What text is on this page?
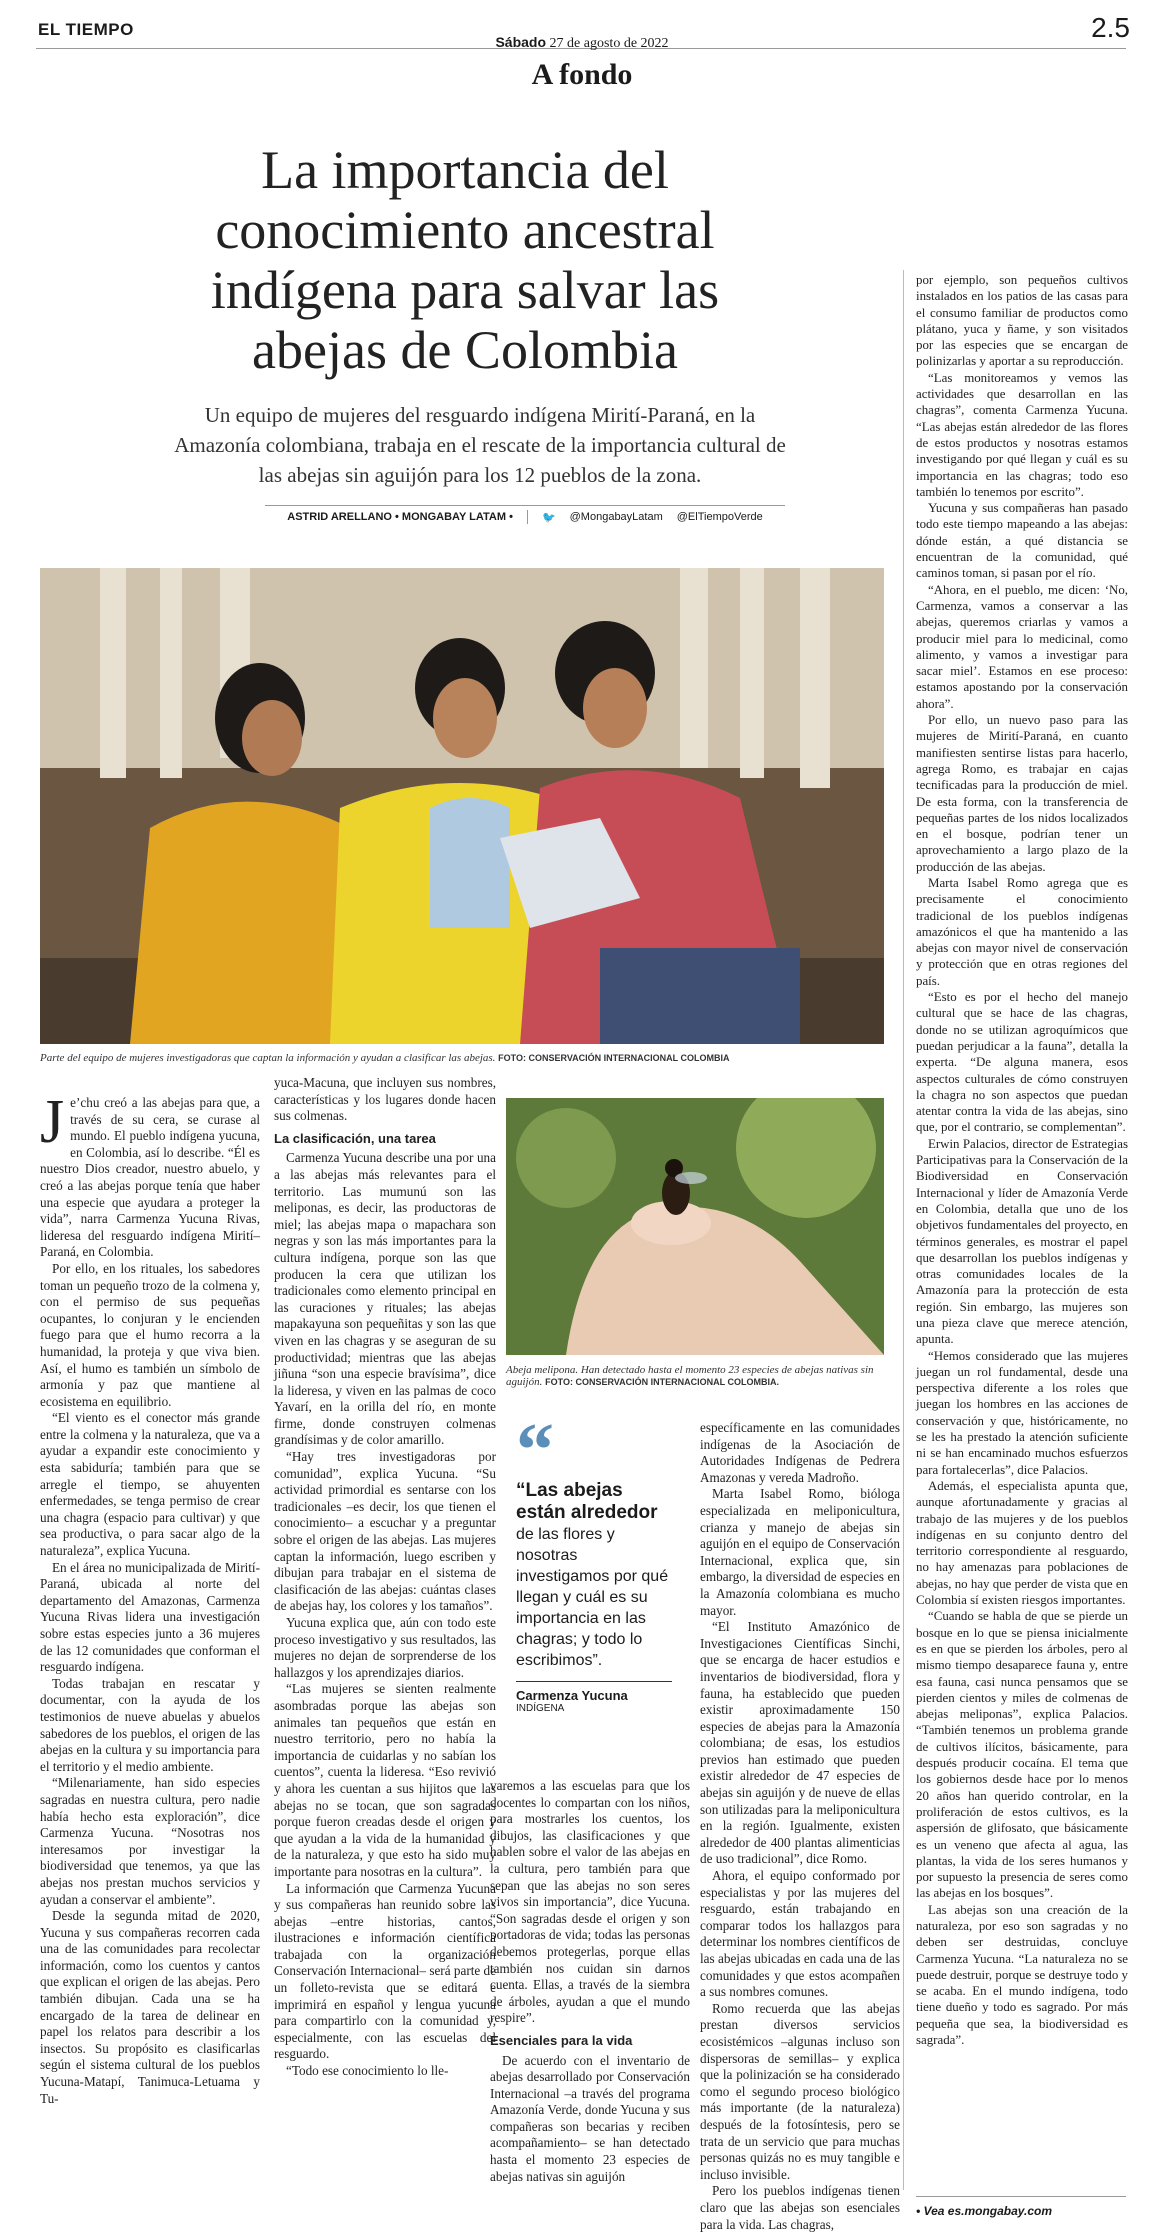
EL TIEMPO
Sábado 27 de agosto de 2022
2.5
A fondo
La importancia del conocimiento ancestral indígena para salvar las abejas de Colombia
Un equipo de mujeres del resguardo indígena Mirití-Paraná, en la Amazonía colombiana, trabaja en el rescate de la importancia cultural de las abejas sin aguijón para los 12 pueblos de la zona.
ASTRID ARELLANO • MONGABAY LATAM •	🐦 @MongabayLatam @ElTiempoVerde
Parte del equipo de mujeres investigadoras que captan la información y ayudan a clasificar las abejas. FOTO: CONSERVACIÓN INTERNACIONAL COLOMBIA

Je’chu creó a las abejas para que, a través de su cera, se curase al mundo. El pueblo indígena yucuna, en Colombia, así lo describe. “Él es nuestro Dios creador, nuestro abuelo, y creó a las abejas porque tenía que haber una especie que ayudara a proteger la vida”, narra Carmenza Yucuna Rivas, lideresa del resguardo indígena Mirití–Paraná, en Colombia.

Por ello, en los rituales, los sabedores toman un pequeño trozo de la colmena y, con el permiso de sus pequeñas ocupantes, lo conjuran y le encienden fuego para que el humo recorra a la humanidad, la proteja y que viva bien. Así, el humo es también un símbolo de armonía y paz que mantiene al ecosistema en equilibrio.

“El viento es el conector más grande entre la colmena y la naturaleza, que va a ayudar a expandir este conocimiento y esta sabiduría; también para que se arregle el tiempo, se ahuyenten enfermedades, se tenga permiso de crear una chagra (espacio para cultivar) y que sea productiva, o para sacar algo de la naturaleza”, explica Yucuna.

En el área no municipalizada de Mirití-Paraná, ubicada al norte del departamento del Amazonas, Carmenza Yucuna Rivas lidera una investigación sobre estas especies junto a 36 mujeres de las 12 comunidades que conforman el resguardo indígena.

Todas trabajan en rescatar y documentar, con la ayuda de los testimonios de nueve abuelas y abuelos sabedores de los pueblos, el origen de las abejas en la cultura y su importancia para el territorio y el medio ambiente.

“Milenariamente, han sido especies sagradas en nuestra cultura, pero nadie había hecho esta exploración”, dice Carmenza Yucuna. “Nosotras nos interesamos por investigar la biodiversidad que tenemos, ya que las abejas nos prestan muchos servicios y ayudan a conservar el ambiente”.

Desde la segunda mitad de 2020, Yucuna y sus compañeras recorren cada una de las comunidades para recolectar información, como los cuentos y cantos que explican el origen de las abejas. Pero también dibujan. Cada una se ha encargado de la tarea de delinear en papel los relatos para describir a los insectos. Su propósito es clasificarlas según el sistema cultural de los pueblos Yucuna-Matapí, Tanimuca-Letuama y Tu-

yuca-Macuna, que incluyen sus nombres, características y los lugares donde hacen sus colmenas.

La clasificación, una tarea

Carmenza Yucuna describe una por una a las abejas más relevantes para el territorio. Las mumunú son las meliponas, es decir, las productoras de miel; las abejas mapa o mapachara son negras y son las más importantes para la cultura indígena, porque son las que producen la cera que utilizan los tradicionales como elemento principal en las curaciones y rituales; las abejas mapakayuna son pequeñitas y son las que viven en las chagras y se aseguran de su productividad; mientras que las abejas jiñuna “son una especie bravísima”, dice la lideresa, y viven en las palmas de coco Yavarí, en la orilla del río, en monte firme, donde construyen colmenas grandísimas y de color amarillo.

“Hay tres investigadoras por comunidad”, explica Yucuna. “Su actividad primordial es sentarse con los tradicionales –es decir, los que tienen el conocimiento– a escuchar y a preguntar sobre el origen de las abejas. Las mujeres captan la información, luego escriben y dibujan para trabajar en el sistema de clasificación de las abejas: cuántas clases de abejas hay, los colores y los tamaños”.

Yucuna explica que, aún con todo este proceso investigativo y sus resultados, las mujeres no dejan de sorprenderse de los hallazgos y los aprendizajes diarios.

“Las mujeres se sienten realmente asombradas porque las abejas son animales tan pequeños que están en nuestro territorio, pero no había la importancia de cuidarlas y no sabían los cuentos”, cuenta la lideresa. “Eso revivió y ahora les cuentan a sus hijitos que las abejas no se tocan, que son sagradas porque fueron creadas desde el origen y que ayudan a la vida de la humanidad y de la naturaleza, y que esto ha sido muy importante para nosotras en la cultura”.

La información que Carmenza Yucuna y sus compañeras han reunido sobre las abejas –entre historias, cantos, ilustraciones e información científica trabajada con la organización Conservación Internacional– será parte de un folleto-revista que se editará e imprimirá en español y lengua yucuna para compartirlo con la comunidad y, especialmente, con las escuelas del resguardo.

“Todo ese conocimiento lo lle-

Abeja melipona. Han detectado hasta el momento 23 especies de abejas nativas sin aguijón. FOTO: CONSERVACIÓN INTERNACIONAL COLOMBIA.
“
“Las abejas están alrededor
de las flores y nosotras investigamos por qué llegan y cuál es su importancia en las chagras; y todo lo escribimos”.
Carmenza Yucuna
INDÍGENA

varemos a las escuelas para que los docentes lo compartan con los niños, para mostrarles los cuentos, los dibujos, las clasificaciones y que hablen sobre el valor de las abejas en la cultura, pero también para que sepan que las abejas no son seres vivos sin importancia”, dice Yucuna. “Son sagradas desde el origen y son portadoras de vida; todas las personas debemos protegerlas, porque ellas también nos cuidan sin darnos cuenta. Ellas, a través de la siembra de árboles, ayudan a que el mundo respire”.

Esenciales para la vida

De acuerdo con el inventario de abejas desarrollado por Conservación Internacional –a través del programa Amazonía Verde, donde Yucuna y sus compañeras son becarias y reciben acompañamiento– se han detectado hasta el momento 23 especies de abejas nativas sin aguijón

específicamente en las comunidades indígenas de la Asociación de Autoridades Indígenas de Pedrera Amazonas y vereda Madroño.

Marta Isabel Romo, bióloga especializada en meliponicultura, crianza y manejo de abejas sin aguijón en el equipo de Conservación Internacional, explica que, sin embargo, la diversidad de especies en la Amazonía colombiana es mucho mayor.

“El Instituto Amazónico de Investigaciones Científicas Sinchi, que se encarga de hacer estudios e inventarios de biodiversidad, flora y fauna, ha establecido que pueden existir aproximadamente 150 especies de abejas para la Amazonía colombiana; de esas, los estudios previos han estimado que pueden existir alrededor de 47 especies de abejas sin aguijón y de nueve de ellas son utilizadas para la meliponicultura en la región. Igualmente, existen alrededor de 400 plantas alimenticias de uso tradicional”, dice Romo.

Ahora, el equipo conformado por especialistas y por las mujeres del resguardo, están trabajando en comparar todos los hallazgos para determinar los nombres científicos de las abejas ubicadas en cada una de las comunidades y que estos acompañen a sus nombres comunes.

Romo recuerda que las abejas prestan diversos servicios ecosistémicos –algunas incluso son dispersoras de semillas– y explica que la polinización se ha considerado como el segundo proceso biológico más importante (de la naturaleza) después de la fotosíntesis, pero se trata de un servicio que para muchas personas quizás no es muy tangible e incluso invisible.

Pero los pueblos indígenas tienen claro que las abejas son esenciales para la vida. Las chagras,

por ejemplo, son pequeños cultivos instalados en los patios de las casas para el consumo familiar de productos como plátano, yuca y ñame, y son visitados por las especies que se encargan de polinizarlas y aportar a su reproducción.

“Las monitoreamos y vemos las actividades que desarrollan en las chagras”, comenta Carmenza Yucuna. “Las abejas están alrededor de las flores de estos productos y nosotras estamos investigando por qué llegan y cuál es su importancia en las chagras; todo eso también lo tenemos por escrito”.

Yucuna y sus compañeras han pasado todo este tiempo mapeando a las abejas: dónde están, a qué distancia se encuentran de la comunidad, qué caminos toman, si pasan por el río.

“Ahora, en el pueblo, me dicen: ‘No, Carmenza, vamos a conservar a las abejas, queremos criarlas y vamos a producir miel para lo medicinal, como alimento, y vamos a investigar para sacar miel’. Estamos en ese proceso: estamos apostando por la conservación ahora”.

Por ello, un nuevo paso para las mujeres de Mirití-Paraná, en cuanto manifiesten sentirse listas para hacerlo, agrega Romo, es trabajar en cajas tecnificadas para la producción de miel. De esta forma, con la transferencia de pequeñas partes de los nidos localizados en el bosque, podrían tener un aprovechamiento a largo plazo de la producción de las abejas.

Marta Isabel Romo agrega que es precisamente el conocimiento tradicional de los pueblos indígenas amazónicos el que ha mantenido a las abejas con mayor nivel de conservación y protección que en otras regiones del país.

“Esto es por el hecho del manejo cultural que se hace de las chagras, donde no se utilizan agroquímicos que puedan perjudicar a la fauna”, detalla la experta. “De alguna manera, esos aspectos culturales de cómo construyen la chagra no son aspectos que puedan atentar contra la vida de las abejas, sino que, por el contrario, se complementan”.

Erwin Palacios, director de Estrategias Participativas para la Conservación de la Biodiversidad en Conservación Internacional y líder de Amazonía Verde en Colombia, detalla que uno de los objetivos fundamentales del proyecto, en términos generales, es mostrar el papel que desarrollan los pueblos indígenas y otras comunidades locales de la Amazonía para la protección de esta región. Sin embargo, las mujeres son una pieza clave que merece atención, apunta.

“Hemos considerado que las mujeres juegan un rol fundamental, desde una perspectiva diferente a los roles que juegan los hombres en las acciones de conservación y que, históricamente, no se les ha prestado la atención suficiente ni se han encaminado muchos esfuerzos para fortalecerlas”, dice Palacios.

Además, el especialista apunta que, aunque afortunadamente y gracias al trabajo de las mujeres y de los pueblos indígenas en su conjunto dentro del territorio correspondiente al resguardo, no hay amenazas para poblaciones de abejas, no hay que perder de vista que en Colombia sí existen riesgos importantes.

“Cuando se habla de que se pierde un bosque en lo que se piensa inicialmente es en que se pierden los árboles, pero al mismo tiempo desaparece fauna y, entre esa fauna, casi nunca pensamos que se pierden cientos y miles de colmenas de abejas meliponas”, explica Palacios. “También tenemos un problema grande de cultivos ilícitos, básicamente, para después producir cocaína. El tema que los gobiernos desde hace por lo menos 20 años han querido controlar, en la proliferación de estos cultivos, es la aspersión de glifosato, que básicamente es un veneno que afecta al agua, las plantas, la vida de los seres humanos y por supuesto la presencia de seres como las abejas en los bosques”.

Las abejas son una creación de la naturaleza, por eso son sagradas y no deben ser destruidas, concluye Carmenza Yucuna. “La naturaleza no se puede destruir, porque se destruye todo y se acaba. En el mundo indígena, todo tiene dueño y todo es sagrado. Por más pequeña que sea, la biodiversidad es sagrada”.

• Vea es.mongabay.com
